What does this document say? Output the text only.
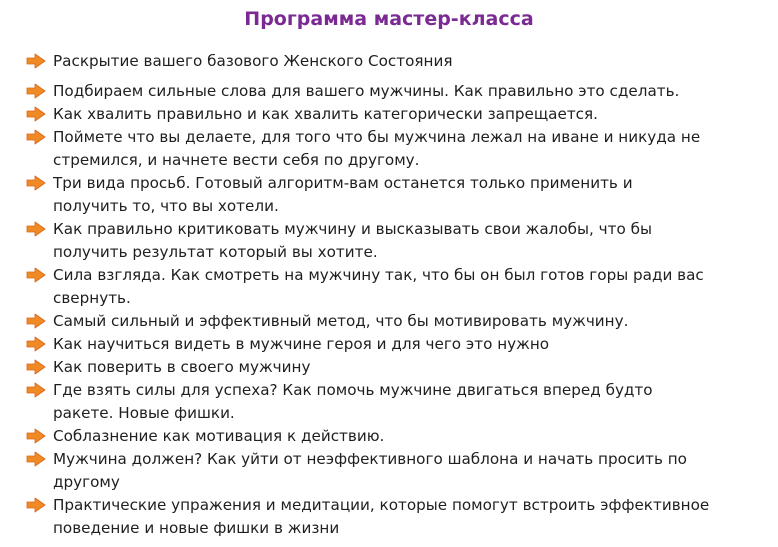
Программа мастер-класса
Раскрытие вашего базового Женского Состояния
Подбираем сильные слова для вашего мужчины. Как правильно это сделать.
Как хвалить правильно и как хвалить категорически запрещается.
Поймете что вы делаете, для того что бы мужчина лежал на иване и никуда не
стремился, и начнете вести себя по другому.
Три вида просьб. Готовый алгоритм-вам останется только применить и
получить то, что вы хотели.
Как правильно критиковать мужчину и высказывать свои жалобы, что бы
получить результат который вы хотите.
Сила взгляда. Как смотреть на мужчину так, что бы он был готов горы ради вас
свернуть.
Самый сильный и эффективный метод, что бы мотивировать мужчину.
Как научиться видеть в мужчине героя и для чего это нужно
Как поверить в своего мужчину
Где взять силы для успеха? Как помочь мужчине двигаться вперед будто
ракете. Новые фишки.
Соблазнение как мотивация к действию.
Мужчина должен? Как уйти от неэффективного шаблона и начать просить по
другому
Практические упражения и медитации, которые помогут встроить эффективное
поведение и новые фишки в жизни
